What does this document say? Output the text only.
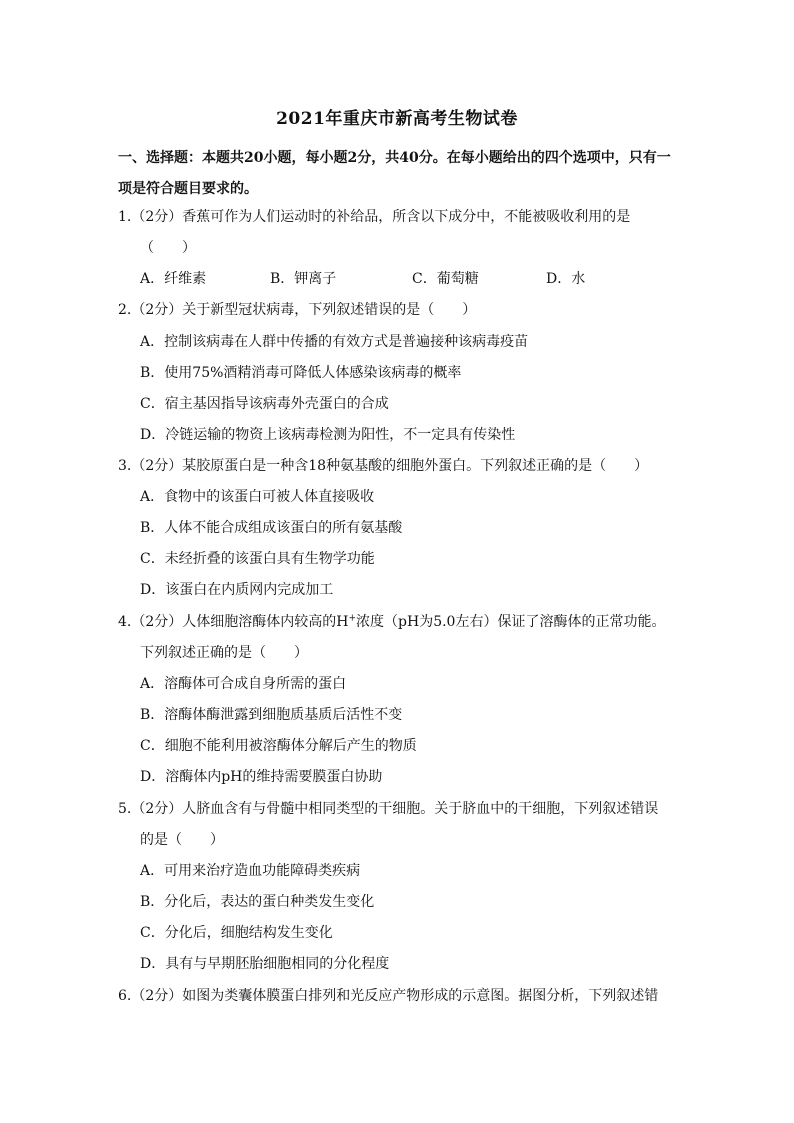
2021年重庆市新高考生物试卷
一、选择题：本题共20小题，每小题2分，共40分。在每小题给出的四个选项中，只有一项是符合题目要求的。
1.（2分）香蕉可作为人们运动时的补给品，所含以下成分中，不能被吸收利用的是
（　　）
A．纤维素	B．钾离子	C．葡萄糖	D．水
2.（2分）关于新型冠状病毒，下列叙述错误的是（　　）
A．控制该病毒在人群中传播的有效方式是普遍接种该病毒疫苗
B．使用75%酒精消毒可降低人体感染该病毒的概率
C．宿主基因指导该病毒外壳蛋白的合成
D．冷链运输的物资上该病毒检测为阳性，不一定具有传染性
3.（2分）某胶原蛋白是一种含18种氨基酸的细胞外蛋白。下列叙述正确的是（　　）
A．食物中的该蛋白可被人体直接吸收
B．人体不能合成组成该蛋白的所有氨基酸
C．未经折叠的该蛋白具有生物学功能
D．该蛋白在内质网内完成加工
4.（2分）人体细胞溶酶体内较高的H+浓度（pH为5.0左右）保证了溶酶体的正常功能。
下列叙述正确的是（　　）
A．溶酶体可合成自身所需的蛋白
B．溶酶体酶泄露到细胞质基质后活性不变
C．细胞不能利用被溶酶体分解后产生的物质
D．溶酶体内pH的维持需要膜蛋白协助
5.（2分）人脐血含有与骨髓中相同类型的干细胞。关于脐血中的干细胞，下列叙述错误
的是（　　）
A．可用来治疗造血功能障碍类疾病
B．分化后，表达的蛋白种类发生变化
C．分化后，细胞结构发生变化
D．具有与早期胚胎细胞相同的分化程度
6.（2分）如图为类囊体膜蛋白排列和光反应产物形成的示意图。据图分析，下列叙述错
